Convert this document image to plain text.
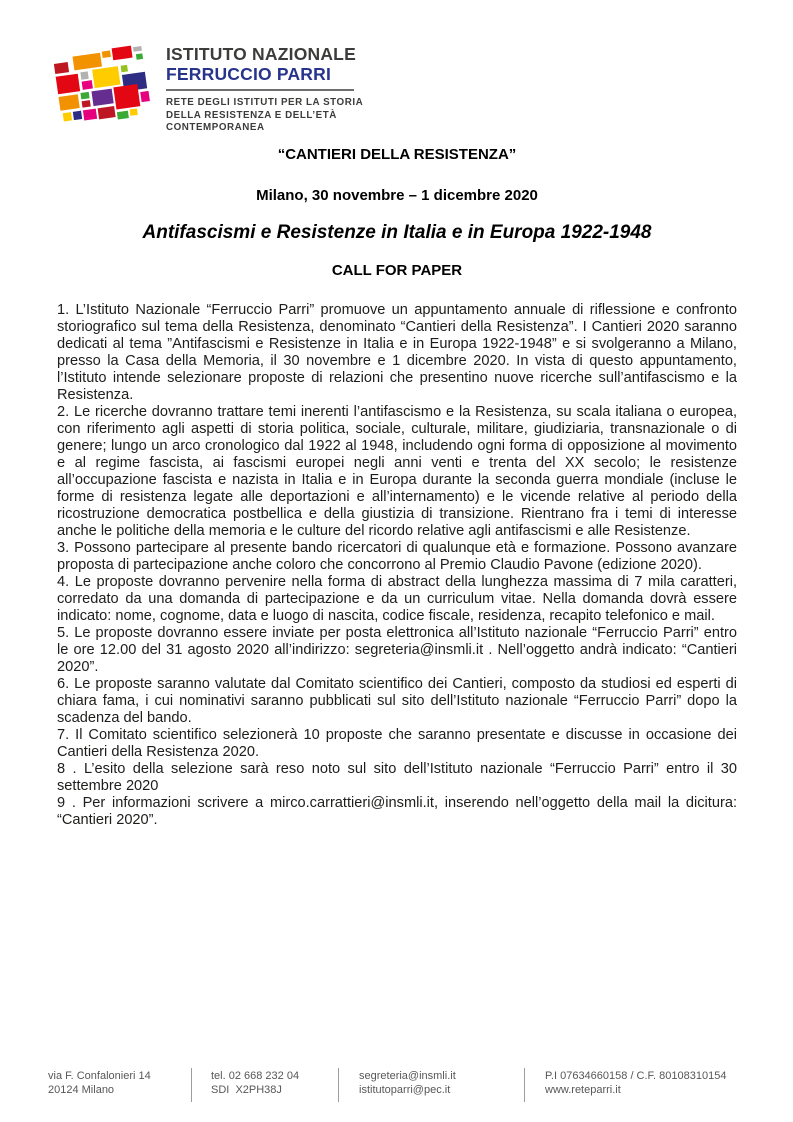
ISTITUTO NAZIONALE
FERRUCCIO PARRI
RETE DEGLI ISTITUTI PER LA STORIA
DELLA RESISTENZA E DELL’ETÀ
CONTEMPORANEA
“CANTIERI DELLA RESISTENZA”
Milano, 30 novembre – 1 dicembre 2020
Antifascismi e Resistenze in Italia e in Europa 1922-1948
CALL FOR PAPER

1. L’Istituto Nazionale “Ferruccio Parri” promuove un appuntamento annuale di riflessione e confronto storiografico sul tema della Resistenza, denominato “Cantieri della Resistenza”. I Cantieri 2020 saranno dedicati al tema ”Antifascismi e Resistenze in Italia e in Europa 1922-1948” e si svolgeranno a Milano, presso la Casa della Memoria, il 30 novembre e 1 dicembre 2020. In vista di questo appuntamento, l’Istituto intende selezionare proposte di relazioni che presentino nuove ricerche sull’antifascismo e la Resistenza.

2. Le ricerche dovranno trattare temi inerenti l’antifascismo e la Resistenza, su scala italiana o europea, con riferimento agli aspetti di storia politica, sociale, culturale, militare, giudiziaria, transnazionale o di genere; lungo un arco cronologico dal 1922 al 1948, includendo ogni forma di opposizione al movimento e al regime fascista, ai fascismi europei negli anni venti e trenta del XX secolo; le resistenze all’occupazione fascista e nazista in Italia e in Europa durante la seconda guerra mondiale (incluse le forme di resistenza legate alle deportazioni e all’internamento) e le vicende relative al periodo della ricostruzione democratica postbellica e della giustizia di transizione. Rientrano fra i temi di interesse anche le politiche della memoria e le culture del ricordo relative agli antifascismi e alle Resistenze.

3. Possono partecipare al presente bando ricercatori di qualunque età e formazione. Possono avanzare proposta di partecipazione anche coloro che concorrono al Premio Claudio Pavone (edizione 2020).

4. Le proposte dovranno pervenire nella forma di abstract della lunghezza massima di 7 mila caratteri, corredato da una domanda di partecipazione e da un curriculum vitae. Nella domanda dovrà essere indicato: nome, cognome, data e luogo di nascita, codice fiscale, residenza, recapito telefonico e mail.

5. Le proposte dovranno essere inviate per posta elettronica all’Istituto nazionale “Ferruccio Parri” entro le ore 12.00 del 31 agosto 2020 all’indirizzo: segreteria@insmli.it . Nell’oggetto andrà indicato: “Cantieri 2020”.

6. Le proposte saranno valutate dal Comitato scientifico dei Cantieri, composto da studiosi ed esperti di chiara fama, i cui nominativi saranno pubblicati sul sito dell’Istituto nazionale “Ferruccio Parri” dopo la scadenza del bando.

7. Il Comitato scientifico selezionerà 10 proposte che saranno presentate e discusse in occasione dei Cantieri della Resistenza 2020.

8 . L’esito della selezione sarà reso noto sul sito dell’Istituto nazionale “Ferruccio Parri” entro il 30 settembre 2020

9 . Per informazioni scrivere a mirco.carrattieri@insmli.it, inserendo nell’oggetto della mail la dicitura: “Cantieri 2020”.

via F. Confalonieri 14
20124 Milano
tel. 02 668 232 04
SDI  X2PH38J
segreteria@insmli.it
istitutoparri@pec.it
P.I 07634660158 / C.F. 80108310154
www.reteparri.it
